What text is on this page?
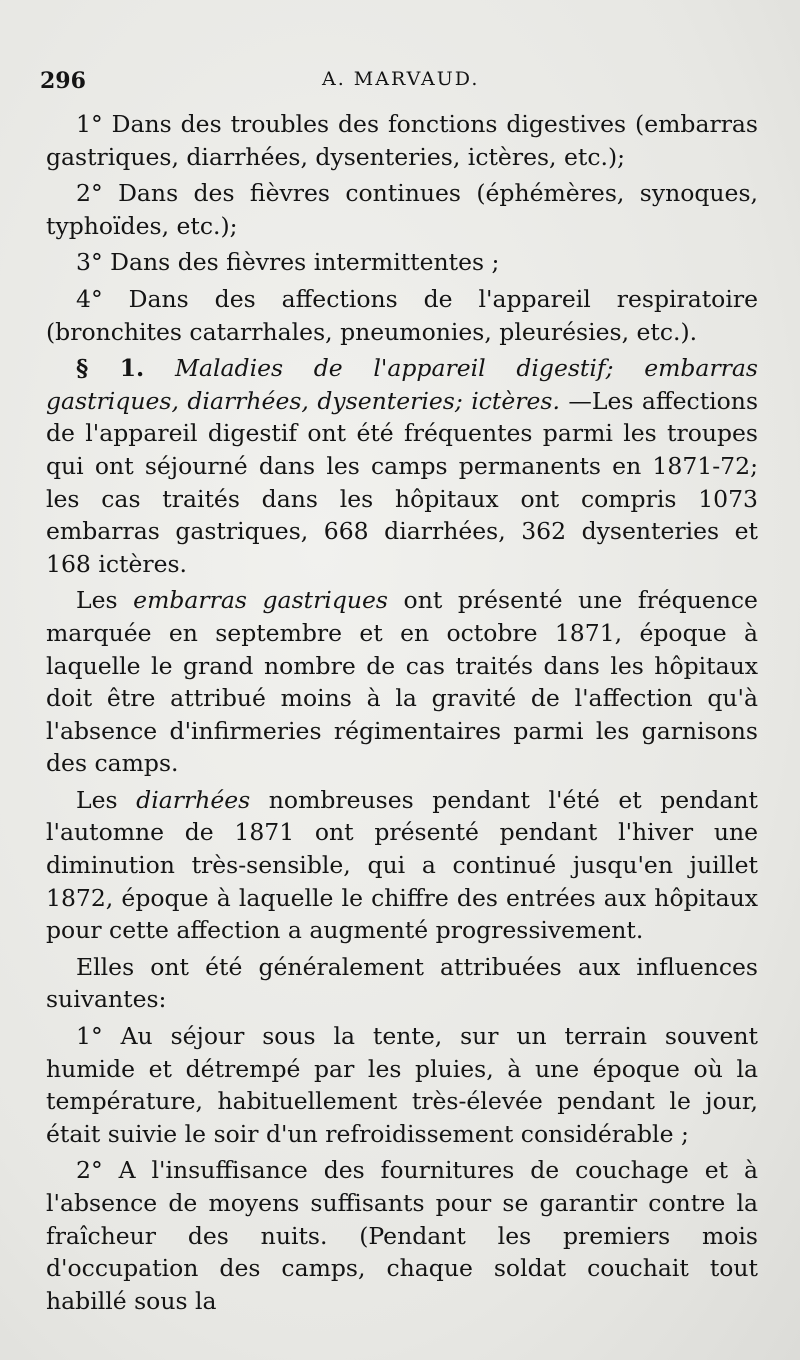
296	A. MARVAUD.

1° Dans des troubles des fonctions digestives (embarras gastriques, diarrhées, dysenteries, ictères, etc.);

2° Dans des fièvres continues (éphémères, synoques, typhoïdes, etc.);

3° Dans des fièvres intermittentes ;

4° Dans des affections de l'appareil respiratoire (bronchites catarrhales, pneumonies, pleurésies, etc.).

§ 1. Maladies de l'appareil digestif; embarras gastriques, diarrhées, dysenteries; ictères. —Les affections de l'appareil digestif ont été fréquentes parmi les troupes qui ont séjourné dans les camps permanents en 1871-72; les cas traités dans les hôpitaux ont compris 1073 embarras gastriques, 668 diarrhées, 362 dysenteries et 168 ictères.

Les embarras gastriques ont présenté une fréquence marquée en septembre et en octobre 1871, époque à laquelle le grand nombre de cas traités dans les hôpitaux doit être attribué moins à la gravité de l'affection qu'à l'absence d'infirmeries régimentaires parmi les garnisons des camps.

Les diarrhées nombreuses pendant l'été et pendant l'automne de 1871 ont présenté pendant l'hiver une diminution très-sensible, qui a continué jusqu'en juillet 1872, époque à laquelle le chiffre des entrées aux hôpitaux pour cette affection a augmenté progressivement.

Elles ont été généralement attribuées aux influences suivantes:

1° Au séjour sous la tente, sur un terrain souvent humide et détrempé par les pluies, à une époque où la température, habituellement très-élevée pendant le jour, était suivie le soir d'un refroidissement considérable ;

2° A l'insuffisance des fournitures de couchage et à l'absence de moyens suffisants pour se garantir contre la fraîcheur des nuits. (Pendant les premiers mois d'occupation des camps, chaque soldat couchait tout habillé sous la
